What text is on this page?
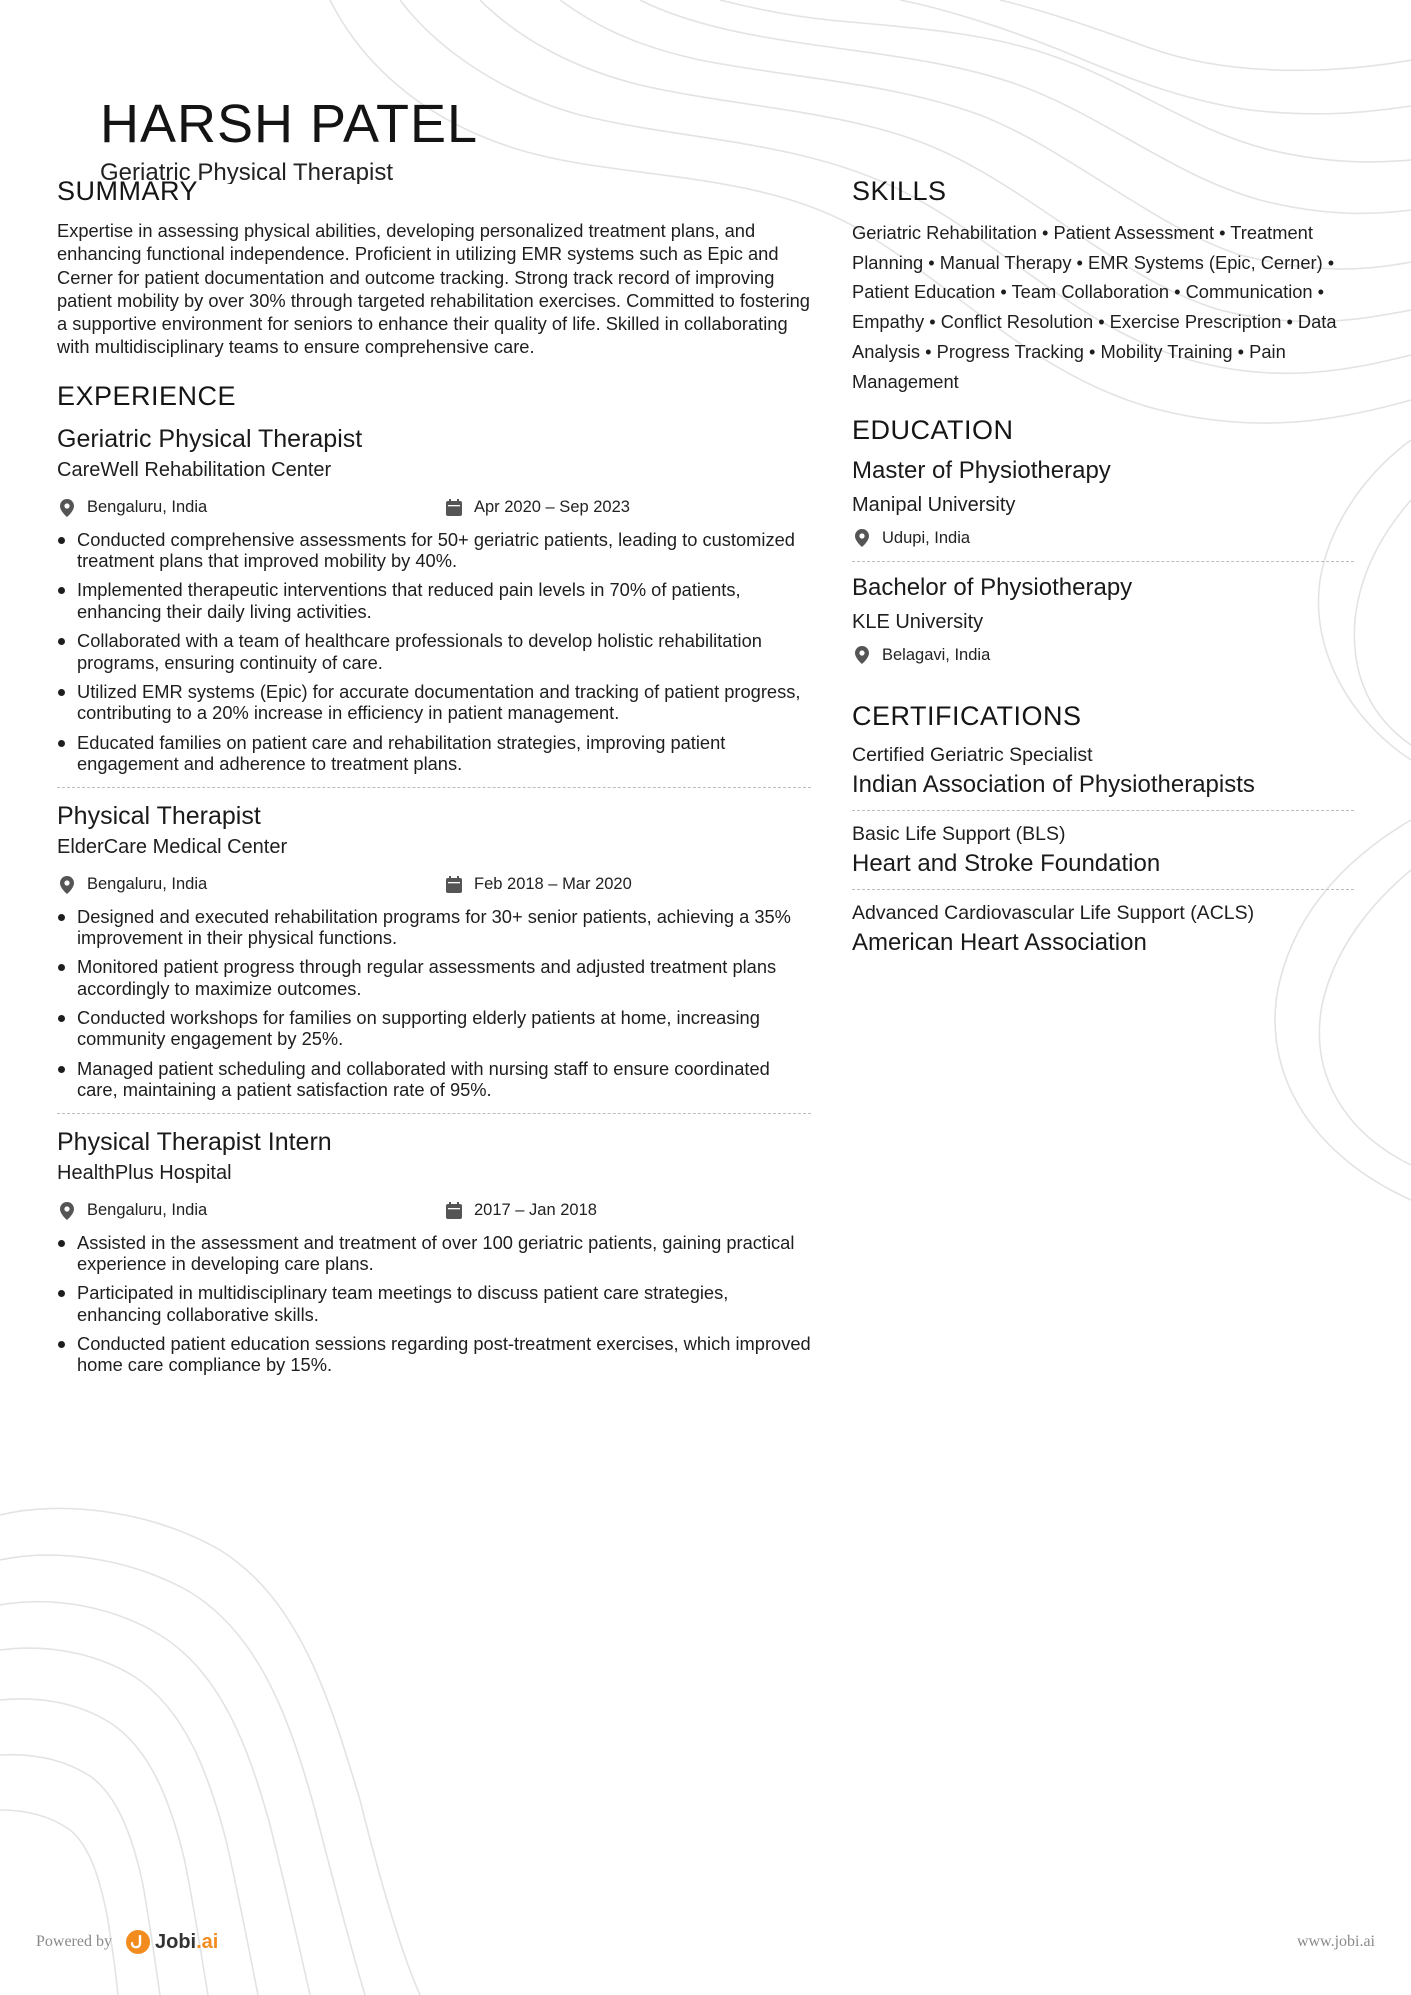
HARSH PATEL
Geriatric Physical Therapist
SUMMARY

Expertise in assessing physical abilities, developing personalized treatment plans, and enhancing functional independence. Proficient in utilizing EMR systems such as Epic and Cerner for patient documentation and outcome tracking. Strong track record of improving patient mobility by over 30% through targeted rehabilitation exercises. Committed to fostering a supportive environment for seniors to enhance their quality of life. Skilled in collaborating with multidisciplinary teams to ensure comprehensive care.

EXPERIENCE
Geriatric Physical Therapist
CareWell Rehabilitation Center
Bengaluru, India	Apr 2020 – Sep 2023
Conducted comprehensive assessments for 50+ geriatric patients, leading to customized treatment plans that improved mobility by 40%.
Implemented therapeutic interventions that reduced pain levels in 70% of patients, enhancing their daily living activities.
Collaborated with a team of healthcare professionals to develop holistic rehabilitation programs, ensuring continuity of care.
Utilized EMR systems (Epic) for accurate documentation and tracking of patient progress, contributing to a 20% increase in efficiency in patient management.
Educated families on patient care and rehabilitation strategies, improving patient engagement and adherence to treatment plans.
Physical Therapist
ElderCare Medical Center
Bengaluru, India	Feb 2018 – Mar 2020
Designed and executed rehabilitation programs for 30+ senior patients, achieving a 35% improvement in their physical functions.
Monitored patient progress through regular assessments and adjusted treatment plans accordingly to maximize outcomes.
Conducted workshops for families on supporting elderly patients at home, increasing community engagement by 25%.
Managed patient scheduling and collaborated with nursing staff to ensure coordinated care, maintaining a patient satisfaction rate of 95%.
Physical Therapist Intern
HealthPlus Hospital
Bengaluru, India	2017 – Jan 2018
Assisted in the assessment and treatment of over 100 geriatric patients, gaining practical experience in developing care plans.
Participated in multidisciplinary team meetings to discuss patient care strategies, enhancing collaborative skills.
Conducted patient education sessions regarding post-treatment exercises, which improved home care compliance by 15%.
SKILLS

Geriatric Rehabilitation • Patient Assessment • Treatment Planning • Manual Therapy • EMR Systems (Epic, Cerner) • Patient Education • Team Collaboration • Communication • Empathy • Conflict Resolution • Exercise Prescription • Data Analysis • Progress Tracking • Mobility Training • Pain Management

EDUCATION
Master of Physiotherapy
Manipal University
Udupi, India
Bachelor of Physiotherapy
KLE University
Belagavi, India
CERTIFICATIONS
Certified Geriatric Specialist
Indian Association of Physiotherapists
Basic Life Support (BLS)
Heart and Stroke Foundation
Advanced Cardiovascular Life Support (ACLS)
American Heart Association
Powered by Jobi.ai	www.jobi.ai
